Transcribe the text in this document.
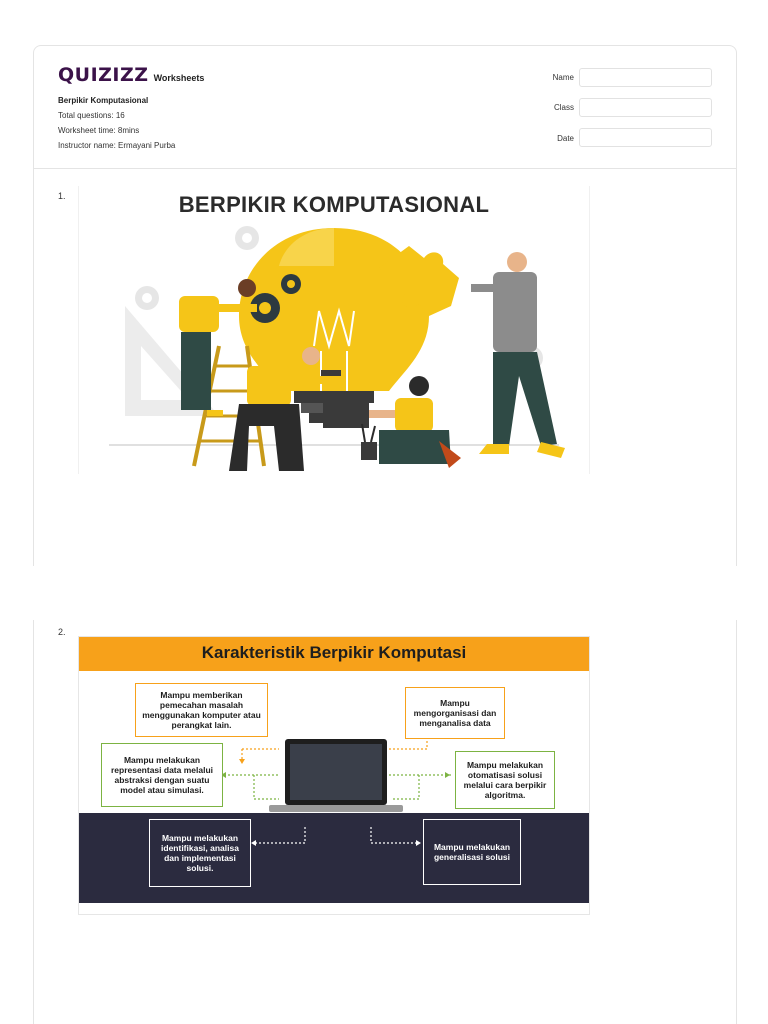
QUIZIZZ Worksheets
Berpikir Komputasional
Total questions: 16
Worksheet time: 8mins
Instructor name: Ermayani Purba
Name
Class
Date
1.	BERPIKIR KOMPUTASIONAL
2.
Karakteristik Berpikir Komputasi
Mampu memberikan pemecahan masalah menggunakan komputer atau perangkat lain.
Mampu mengorganisasi dan menganalisa data
Mampu melakukan representasi data melalui abstraksi dengan suatu model atau simulasi.
Mampu melakukan otomatisasi solusi melalui cara berpikir algoritma.
Mampu melakukan identifikasi, analisa dan implementasi solusi.
Mampu melakukan generalisasi solusi
